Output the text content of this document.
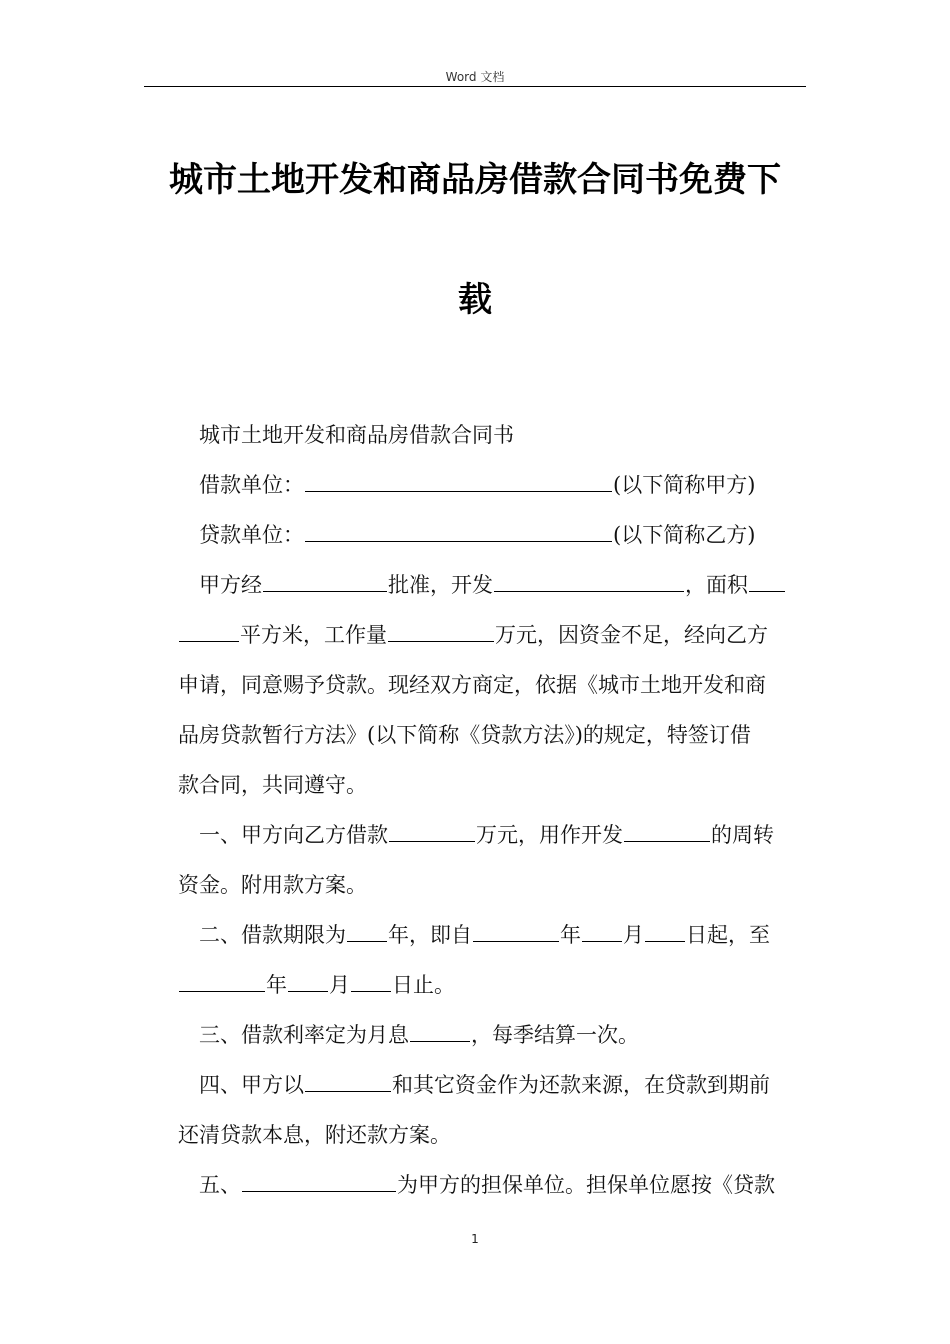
Word 文档
城市土地开发和商品房借款合同书免费下
载
城市土地开发和商品房借款合同书
借款单位：	(以下简称甲方)
贷款单位：	(以下简称乙方)
甲方经	批准，开发	，面积
平方米，工作量	万元，因资金不足，经向乙方
申请，同意赐予贷款。现经双方商定，依据《城市土地开发和商
品房贷款暂行方法》(以下简称《贷款方法》)的规定，特签订借
款合同，共同遵守。
一、甲方向乙方借款	万元，用作开发	的周转
资金。附用款方案。
二、借款期限为 年，即自	年 月 日起，至
年 月 日止。
三、借款利率定为月息	，每季结算一次。
四、甲方以	和其它资金作为还款来源，在贷款到期前
还清贷款本息，附还款方案。
五、	为甲方的担保单位。担保单位愿按《贷款
1
